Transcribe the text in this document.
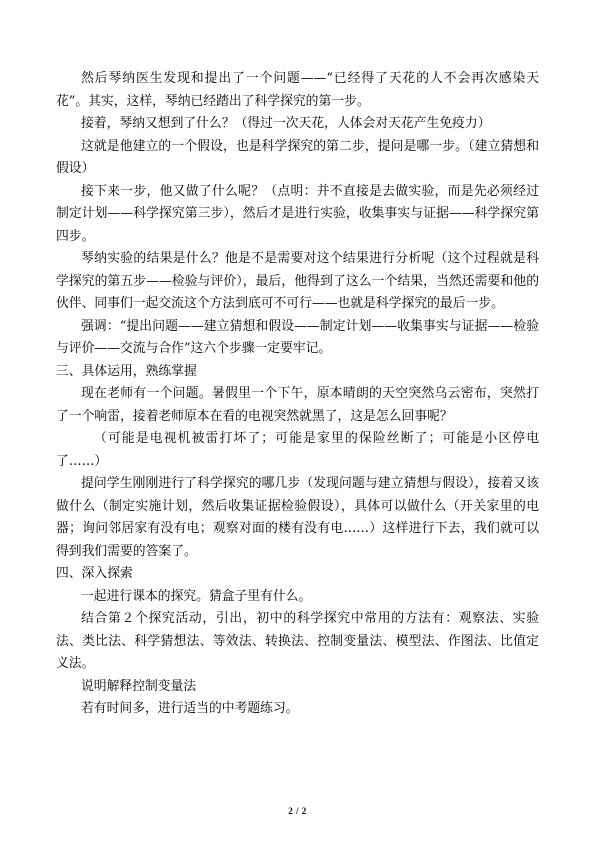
然后琴纳医生发现和提出了一个问题——“已经得了天花的人不会再次感染天花”。其实，这样，琴纳已经踏出了科学探究的第一步。

接着，琴纳又想到了什么？（得过一次天花，人体会对天花产生免疫力）

这就是他建立的一个假设，也是科学探究的第二步，提问是哪一步。（建立猜想和假设）

接下来一步，他又做了什么呢？（点明：并不直接是去做实验，而是先必须经过制定计划——科学探究第三步），然后才是进行实验，收集事实与证据——科学探究第四步。

琴纳实验的结果是什么？他是不是需要对这个结果进行分析呢（这个过程就是科学探究的第五步——检验与评价），最后，他得到了这么一个结果，当然还需要和他的伙伴、同事们一起交流这个方法到底可不可行——也就是科学探究的最后一步。

强调：“提出问题——建立猜想和假设——制定计划——收集事实与证据——检验与评价——交流与合作”这六个步骤一定要牢记。

三、具体运用，熟练掌握

现在老师有一个问题。暑假里一个下午，原本晴朗的天空突然乌云密布，突然打了一个响雷，接着老师原本在看的电视突然就黑了，这是怎么回事呢？

（可能是电视机被雷打坏了；可能是家里的保险丝断了；可能是小区停电了……）

提问学生刚刚进行了科学探究的哪几步（发现问题与建立猜想与假设），接着又该做什么（制定实施计划，然后收集证据检验假设），具体可以做什么（开关家里的电器；询问邻居家有没有电；观察对面的楼有没有电……）这样进行下去，我们就可以得到我们需要的答案了。

四、深入探索

一起进行课本的探究。猜盒子里有什么。

结合第２个探究活动，引出，初中的科学探究中常用的方法有：观察法、实验法、类比法、科学猜想法、等效法、转换法、控制变量法、模型法、作图法、比值定义法。

说明解释控制变量法

若有时间多，进行适当的中考题练习。

2 / 2
